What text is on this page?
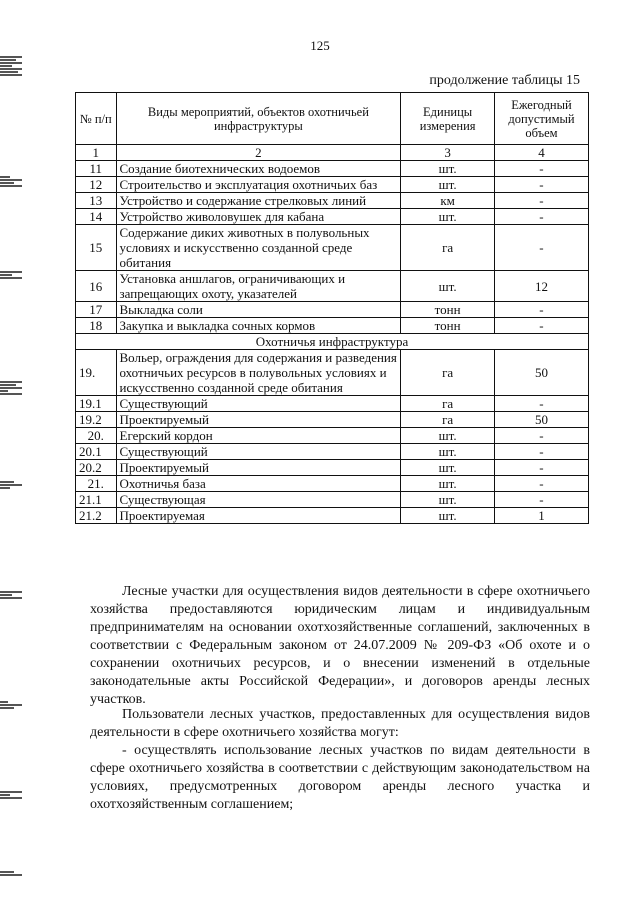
125
продолжение таблицы 15
№ п/п	Виды мероприятий, объектов охотничьей инфраструктуры	Единицы измерения	Ежегодный допустимый объем
1	2	3	4
11	Создание биотехнических водоемов	шт.	-
12	Строительство и эксплуатация охотничьих баз	шт.	-
13	Устройство и содержание стрелковых линий	км	-
14	Устройство живоловушек для кабана	шт.	-
15	Содержание диких животных в полувольных условиях и искусственно созданной среде обитания	га	-
16	Установка аншлагов, ограничивающих и запрещающих охоту, указателей	шт.	12
17	Выкладка соли	тонн	-
18	Закупка и выкладка сочных кормов	тонн	-
Охотничья инфраструктура			
19.	Вольер, ограждения для содержания и разведения охотничьих ресурсов в полувольных условиях и искусственно созданной среде обитания	га	50
19.1	Существующий	га	-
19.2	Проектируемый	га	50
20.	Егерский кордон	шт.	-
20.1	Существующий	шт.	-
20.2	Проектируемый	шт.	-
21.	Охотничья база	шт.	-
21.1	Существующая	шт.	-
21.2	Проектируемая	шт.	1

Лесные участки для осуществления видов деятельности в сфере охотничьего хозяйства предоставляются юридическим лицам и индивидуальным предпринимателям на основании охотхозяйственные соглашений, заключенных в соответствии с Федеральным законом от 24.07.2009 № 209-ФЗ «Об охоте и о сохранении охотничьих ресурсов, и о внесении изменений в отдельные законодательные акты Российской Федерации», и договоров аренды лесных участков.

Пользователи лесных участков, предоставленных для осуществления видов деятельности в сфере охотничьего хозяйства могут:

- осуществлять использование лесных участков по видам деятельности в сфере охотничьего хозяйства в соответствии с действующим законодательством на условиях, предусмотренных договором аренды лесного участка и охотхозяйственным соглашением;
